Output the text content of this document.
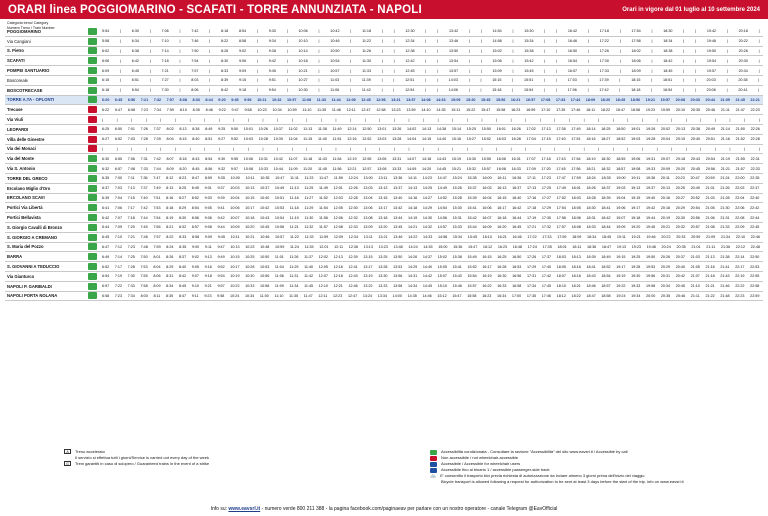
ORARI linea POGGIOMARINO - SCAFATI - TORRE ANNUNZIATA - NAPOLI	Orari in vigore dal 01 luglio al 10 settembre 2024
Categoria treno/ Category
Numero Treno / Train Number
POGGIOMARINO	5:54	|	6:30	|	7:06	|	7:42	|	8:18	8:54	|	9:30	|	10:06	|	10:42	|	11:18	|	|	12:30	|	|	13:42	|	|	14:54	|	15:30	|	|	16:42	|	17:18	|	17:54	|	18:30	|	|	19:42	|	20:18	|
Via Cangiani	5:58	|	6:34	|	7:10	|	7:46	|	8:22	8:58	|	9:34	|	10:10	|	10:46	|	11:22	|	|	12:34	|	|	13:46	|	|	14:58	|	15:34	|	|	16:46	|	17:22	|	17:58	|	18:34	|	|	19:46	|	20:22	|
S. Pietro	6:02	|	6:38	|	7:14	|	7:50	|	8:26	9:02	|	9:38	|	10:14	|	10:50	|	11:26	|	|	12:38	|	|	13:50	|	|	15:02	|	15:38	|	|	16:50	|	17:26	|	18:02	|	18:38	|	|	19:50	|	20:26	|
SCAFATI	6:06	|	6:42	|	7:18	|	7:54	|	8:30	9:06	|	9:42	|	10:18	|	10:54	|	11:30	|	|	12:42	|	|	13:54	|	|	15:06	|	15:42	|	|	16:54	|	17:30	|	18:06	|	18:42	|	|	19:54	|	20:30	|
POMPEI SANTUARIO	6:09	|	6:45	|	7:21	|	7:57	|	8:33	9:09	|	9:45	|	10:21	|	10:57	|	11:33	|	|	12:45	|	|	13:57	|	|	15:09	|	15:45	|	|	16:57	|	17:33	|	18:09	|	18:45	|	|	19:57	|	20:34	|
Boscoreale	6:15	|	6:51	|	7:27	|	8:03	|	8:39	9:15	|	9:51	|	10:27	|	11:03	|	11:39	|	|	12:51	|	|	14:03	|	|	15:15	|	15:51	|	|	17:03	|	17:39	|	18:15	|	18:51	|	|	20:03	|	20:38	|
BOSCOTRECASE	6:18	|	6:54	|	7:30	|	8:06	|	8:42	9:18	|	9:54	|	10:30	|	11:06	|	11:42	|	|	12:54	|	|	14:06	|	|	15:18	|	15:54	|	|	17:06	|	17:42	|	18:18	|	18:54	|	|	20:06	|	20:41	|
TORRE A.TA - OPLONTI	6:20 6:45 6:56 7:21 7:32 7:57 8:08 8:33 8:44 9:20 9:45 9:56 10:21 10:32 10:57 11:08 11:33 11:44 12:09 12:45 12:56 13:21 13:57 14:08 14:33 15:09 15:20 15:45 15:56 16:21 16:57 17:08 17:33 17:44 18:09 18:20 18:45 18:56 19:21 19:57 20:08 20:33 20:44 21:09 21:45 22:21
Trecase	6:22 6:47 6:58 7:23 7:34 7:59 8:10 8:35 8:46 9:22 9:47 9:58 10:23 10:34 10:59 11:10 11:35 11:46 12:11 12:47 12:58 13:23 13:59 14:10 14:35 15:11 15:22 15:47 15:58 16:23 16:59 17:10 17:35 17:46 18:11 18:22 18:47 18:58 19:23 19:59 20:10 20:35 20:46 21:11 21:47 22:23
Via Viuli	|	|	|	|	|	|	|	|	|	|	|	|	|	|	|	|	|	|	|	|	|	|	|	|	|	|	|	|	|	|	|	|	|	|	|	|	|	|	|	|	|	|	|	|	|	|
LEOPARDI	6:25 6:50 7:01 7:26 7:37 8:02 8:13 8:38 8:49 9:25 9:50 10:01 10:26 10:37 11:02 11:13 11:38 11:49 12:14 12:50 13:01 13:26 14:02 14:13 14:38 15:14 15:25 15:50 16:01 16:26 17:02 17:13 17:38 17:49 18:14 18:25 18:50 19:01 19:26 20:02 20:13 20:38 20:49 21:14 21:50 22:26
Villa delle Ginestre	6:27 6:52 7:03 7:28 7:39 8:04 8:15 8:40 8:51 9:27 9:52 10:03 10:28 10:39 11:04 11:15 11:40 11:51 12:16 12:52 13:03 13:28 14:04 14:15 14:40 15:16 15:27 15:52 16:03 16:28 17:04 17:15 17:40 17:51 18:16 18:27 18:52 19:03 19:28 20:04 20:15 20:40 20:51 21:16 21:52 22:28
Via dei Monaci	|	|	|	|	|	|	|	|	|	|	|	|	|	|	|	|	|	|	|	|	|	|	|	|	|	|	|	|	|	|	|	|	|	|	|	|	|	|	|	|	|	|	|	|	|	|
Via del Monte	6:30 6:55 7:06 7:31 7:42 8:07 8:18 8:43 8:54 9:30 9:55 10:06 10:31 10:42 11:07 11:18 11:43 11:54 12:19 12:55 13:06 13:31 14:07 14:18 14:43 15:19 15:30 15:55 16:06 16:31 17:07 17:18 17:43 17:54 18:19 18:30 18:55 19:06 19:31 20:07 20:18 20:43 20:54 21:19 21:55 22:31
Via S. Antonio	6:32 6:57 7:08 7:33 7:44 8:09 8:20 8:45 8:56 9:32 9:57 10:08 10:33 10:44 11:09 11:20 11:45 11:56 12:21 12:57 13:08 13:33 14:09 14:20 14:45 15:21 15:32 15:57 16:08 16:33 17:09 17:20 17:45 17:56 18:21 18:32 18:57 19:08 19:33 20:09 20:20 20:45 20:56 21:21 21:57 22:33
TORRE DEL GRECO	6:35 7:00 7:11 7:36 7:47 8:12 8:23 8:47 8:59 9:35 10:00 10:11 10:35 10:47 11:11 11:23 11:47 11:59 12:24 13:00 13:11 13:36 14:11 14:23 14:47 15:24 15:35 16:00 16:11 16:36 17:11 17:23 17:47 17:59 18:24 18:35 19:00 19:11 19:36 20:11 20:23 20:47 20:59 21:24 22:00 22:35
Ercolano Miglio d'Oro	6:37 7:03 7:13 7:37 7:49 8:13 8:25 8:49 9:01 9:37 10:03 10:13 10:37 10:49 11:13 11:25 11:49 12:01 12:26 13:03 13:13 13:37 14:13 14:25 14:49 15:26 15:37 16:03 16:13 16:37 17:13 17:25 17:49 18:01 18:26 18:37 19:03 19:13 19:37 20:13 20:25 20:49 21:01 21:26 22:03 22:37
ERCOLANO SCAVI	6:39 7:04 7:15 7:40 7:51 8:16 8:27 8:52 9:03 9:39 10:04 10:15 10:40 10:51 11:16 11:27 11:52 12:03 12:28 13:04 13:15 13:40 14:16 14:27 14:52 15:28 15:39 16:04 16:15 16:40 17:16 17:27 17:52 18:03 18:28 18:39 19:04 19:15 19:40 20:16 20:27 20:52 21:03 21:28 22:04 22:40
Portici Via Libertà	6:41 7:06 7:17 7:42 7:53 8:18 8:29 8:54 9:05 9:41 10:06 10:17 10:42 10:53 11:18 11:29 11:54 12:05 12:30 13:06 13:17 13:42 14:18 14:29 14:54 15:30 15:41 16:06 16:17 16:42 17:18 17:29 17:54 18:05 18:30 18:41 19:06 19:17 19:42 20:18 20:29 20:54 21:05 21:30 22:06 22:42
Portici Bellavista	6:42 7:07 7:18 7:44 7:54 8:19 8:30 8:56 9:06 9:42 10:07 10:18 10:43 10:54 11:19 11:30 11:56 12:06 12:32 13:08 13:18 13:44 14:19 14:30 14:56 15:31 15:42 16:07 16:18 16:44 17:19 17:30 17:56 18:06 18:31 18:42 19:07 19:18 19:44 20:19 20:30 20:56 21:06 21:31 22:08 22:44
S. Giorgio Cavalli di Bronzo	6:44 7:09 7:20 7:45 7:56 8:21 8:32 8:57 9:08 9:44 10:09 10:20 10:45 10:56 11:21 11:32 11:57 12:08 12:33 13:09 13:20 13:45 14:21 14:32 14:57 15:33 15:44 16:09 16:20 16:45 17:21 17:32 17:57 18:08 18:33 18:44 19:09 19:20 19:45 20:21 20:32 20:57 21:08 21:33 22:09 22:45
S. GIORGIO A CREMANO	6:45 7:10 7:21 7:46 7:57 8:22 8:33 8:58 9:09 9:45 10:11 10:21 10:46 10:57 11:22 11:33 11:59 12:09 12:34 13:11 13:21 13:46 14:22 14:33 14:58 15:34 15:45 16:10 16:21 16:46 17:22 17:33 17:59 18:09 18:34 18:45 19:11 19:21 19:46 20:22 20:33 20:59 21:09 21:34 22:10 22:46
S. Maria del Pozzo	6:47 7:12 7:23 7:48 7:59 8:24 8:35 9:00 9:11 9:47 10:13 10:23 10:48 10:59 11:24 11:35 12:01 12:11 12:36 13:13 13:23 13:48 14:24 14:35 15:00 15:36 15:47 16:12 16:23 16:48 17:24 17:35 18:01 18:11 18:36 18:47 19:13 19:23 19:48 20:24 20:35 21:01 21:11 21:36 22:12 22:48
BARRA	6:49 7:14 7:25 7:50 8:01 8:26 8:37 9:02 9:13 9:49 10:15 10:25 10:50 11:01 11:26 11:37 12:02 12:13 12:39 13:15 13:25 13:50 14:26 14:37 15:02 15:38 15:49 16:15 16:25 16:50 17:26 17:37 18:03 18:13 18:39 18:49 19:15 19:25 19:50 20:26 20:37 21:03 21:13 21:38 22:14 22:50
S. GIOVANNI A TEDUCCIO	6:52 7:17 7:28 7:53 8:04 8:29 8:40 9:05 9:16 9:52 10:17 10:28 10:53 11:04 11:29 11:40 12:05 12:16 12:41 13:17 13:28 13:53 14:29 14:40 15:05 15:41 15:52 16:17 16:28 16:53 17:29 17:40 18:05 18:16 18:41 18:52 19:17 19:28 19:53 20:29 20:40 21:05 21:16 21:41 22:17 22:53
Via Gianturco	6:54 7:19 7:30 7:55 8:06 8:31 8:42 9:07 9:18 9:54 10:19 10:30 10:56 11:06 11:31 11:42 12:07 12:18 12:43 13:19 13:30 13:56 14:31 14:42 15:07 15:43 15:54 16:19 16:30 16:56 17:31 17:42 18:07 18:18 18:43 18:54 19:19 19:30 19:56 20:31 20:42 21:07 21:18 21:43 22:19 22:55
NAPOLI P. GARIBALDI	6:57 7:22 7:33 7:58 8:09 8:34 8:45 9:10 9:21 9:57 10:22 10:33 10:58 11:09 11:34 11:45 12:10 12:21 12:46 13:22 13:33 13:58 14:34 14:45 15:10 15:46 15:57 16:22 16:33 16:58 17:34 17:45 18:10 18:21 18:46 18:57 19:22 19:33 19:58 20:34 20:45 21:10 21:21 21:46 22:22 22:58
NAPOLI PORTA NOLANA	6:58 7:23 7:34 8:00 8:11 8:35 8:47 9:11 9:23 9:58 10:24 10:34 11:00 11:10 11:35 11:47 12:11 12:23 12:47 13:24 13:34 14:00 14:35 14:46 15:12 15:47 15:58 16:23 16:34 17:00 17:35 17:46 18:12 18:22 18:47 18:58 19:24 19:34 20:00 20:35 20:46 21:11 21:22 21:48 22:23 22:59
A Treno accelerato
Il servizio si effettua tutti i giorni/Service is carried out every day of the week
G Treni garantiti in caso di sciopero / Guaranteed trains in the event of a strike
Accessibilità condizionata - Consultare la sezione "Accessibilità" del sito www.eavsrl.it / Accessible by call
Non accessibile / not wheelchair-accessible
Accessibile / Accessible for wheelchair users
Accessibile fino al binario 1 / accessible passenger-side track
🚲 E' consentito il trasporto bici previa richiesta di autorizzazione da inviare almeno 3 giorni prima dell'inizio del viaggio
Bicycle transport is allowed following a request for authorization to be sent at least 3 days before the start of the trip. info on www.eavsrl.it
Info su: www.eavsrl.it - numero verde 800 211 388 - la pagina facebook.com/paginaeav per parlare con un nostro operatore - canale Telegram @EavOfficial
